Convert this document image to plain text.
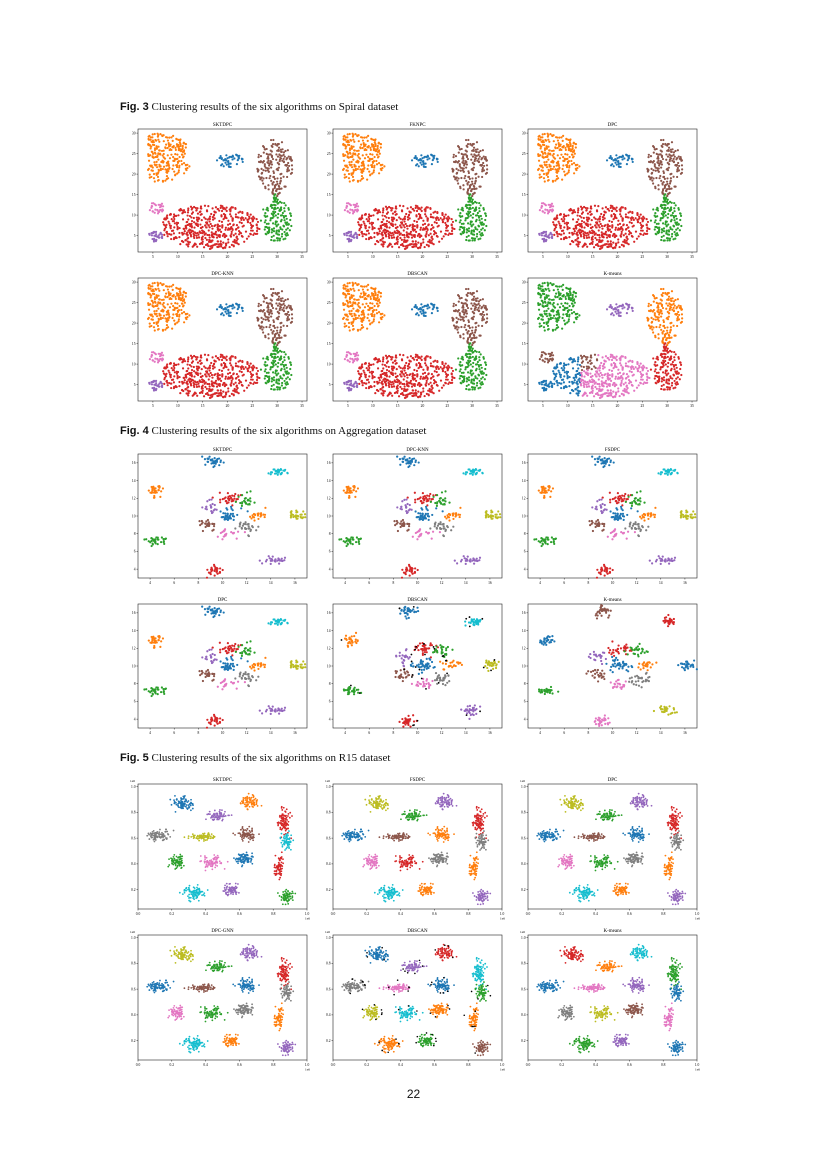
Fig. 3 Clustering results of the six algorithms on Spiral dataset
SKTDPC
5	10	15	20	25	30	35
5
10
15
20
25
30
FKNPC
5	10	15	20	25	30	35
5
10
15
20
25
30
DPC
5	10	15	20	25	30	35
5
10
15
20
25
30
DPC-KNN
5	10	15	20	25	30	35
5
10
15
20
25
30
DBSCAN
5	10	15	20	25	30	35
5
10
15
20
25
30
K-means
5	10	15	20	25	30	35
5
10
15
20
25
30
Fig. 4 Clustering results of the six algorithms on Aggregation dataset
SKTDPC
4	6	8	10	12	14	16
4
6
8
10
12
14
16
DPC-KNN
4	6	8	10	12	14	16
4
6
8
10
12
14
16
FSDPC
4	6	8	10	12	14	16
4
6
8
10
12
14
16
DPC
4	6	8	10	12	14	16
4
6
8
10
12
14
16
DBSCAN
4	6	8	10	12	14	16
4
6
8
10
12
14
16
K-means
4	6	8	10	12	14	16
4
6
8
10
12
14
16
Fig. 5 Clustering results of the six algorithms on R15 dataset
SKTDPC
0.0	0.2	0.4	0.6	0.8	1.0
0.2
0.4
0.6
0.8
1.0
1e6
1e6
FSDPC
0.0	0.2	0.4	0.6	0.8	1.0
0.2
0.4
0.6
0.8
1.0
1e6
1e6
DPC
0.0	0.2	0.4	0.6	0.8	1.0
0.2
0.4
0.6
0.8
1.0
1e6
1e6
DPC-GNN
0.0	0.2	0.4	0.6	0.8	1.0
0.2
0.4
0.6
0.8
1.0
1e6
1e6
DBSCAN
0.0	0.2	0.4	0.6	0.8	1.0
0.2
0.4
0.6
0.8
1.0
1e6
1e6
K-means
0.0	0.2	0.4	0.6	0.8	1.0
0.2
0.4
0.6
0.8
1.0
1e6
1e6
22
